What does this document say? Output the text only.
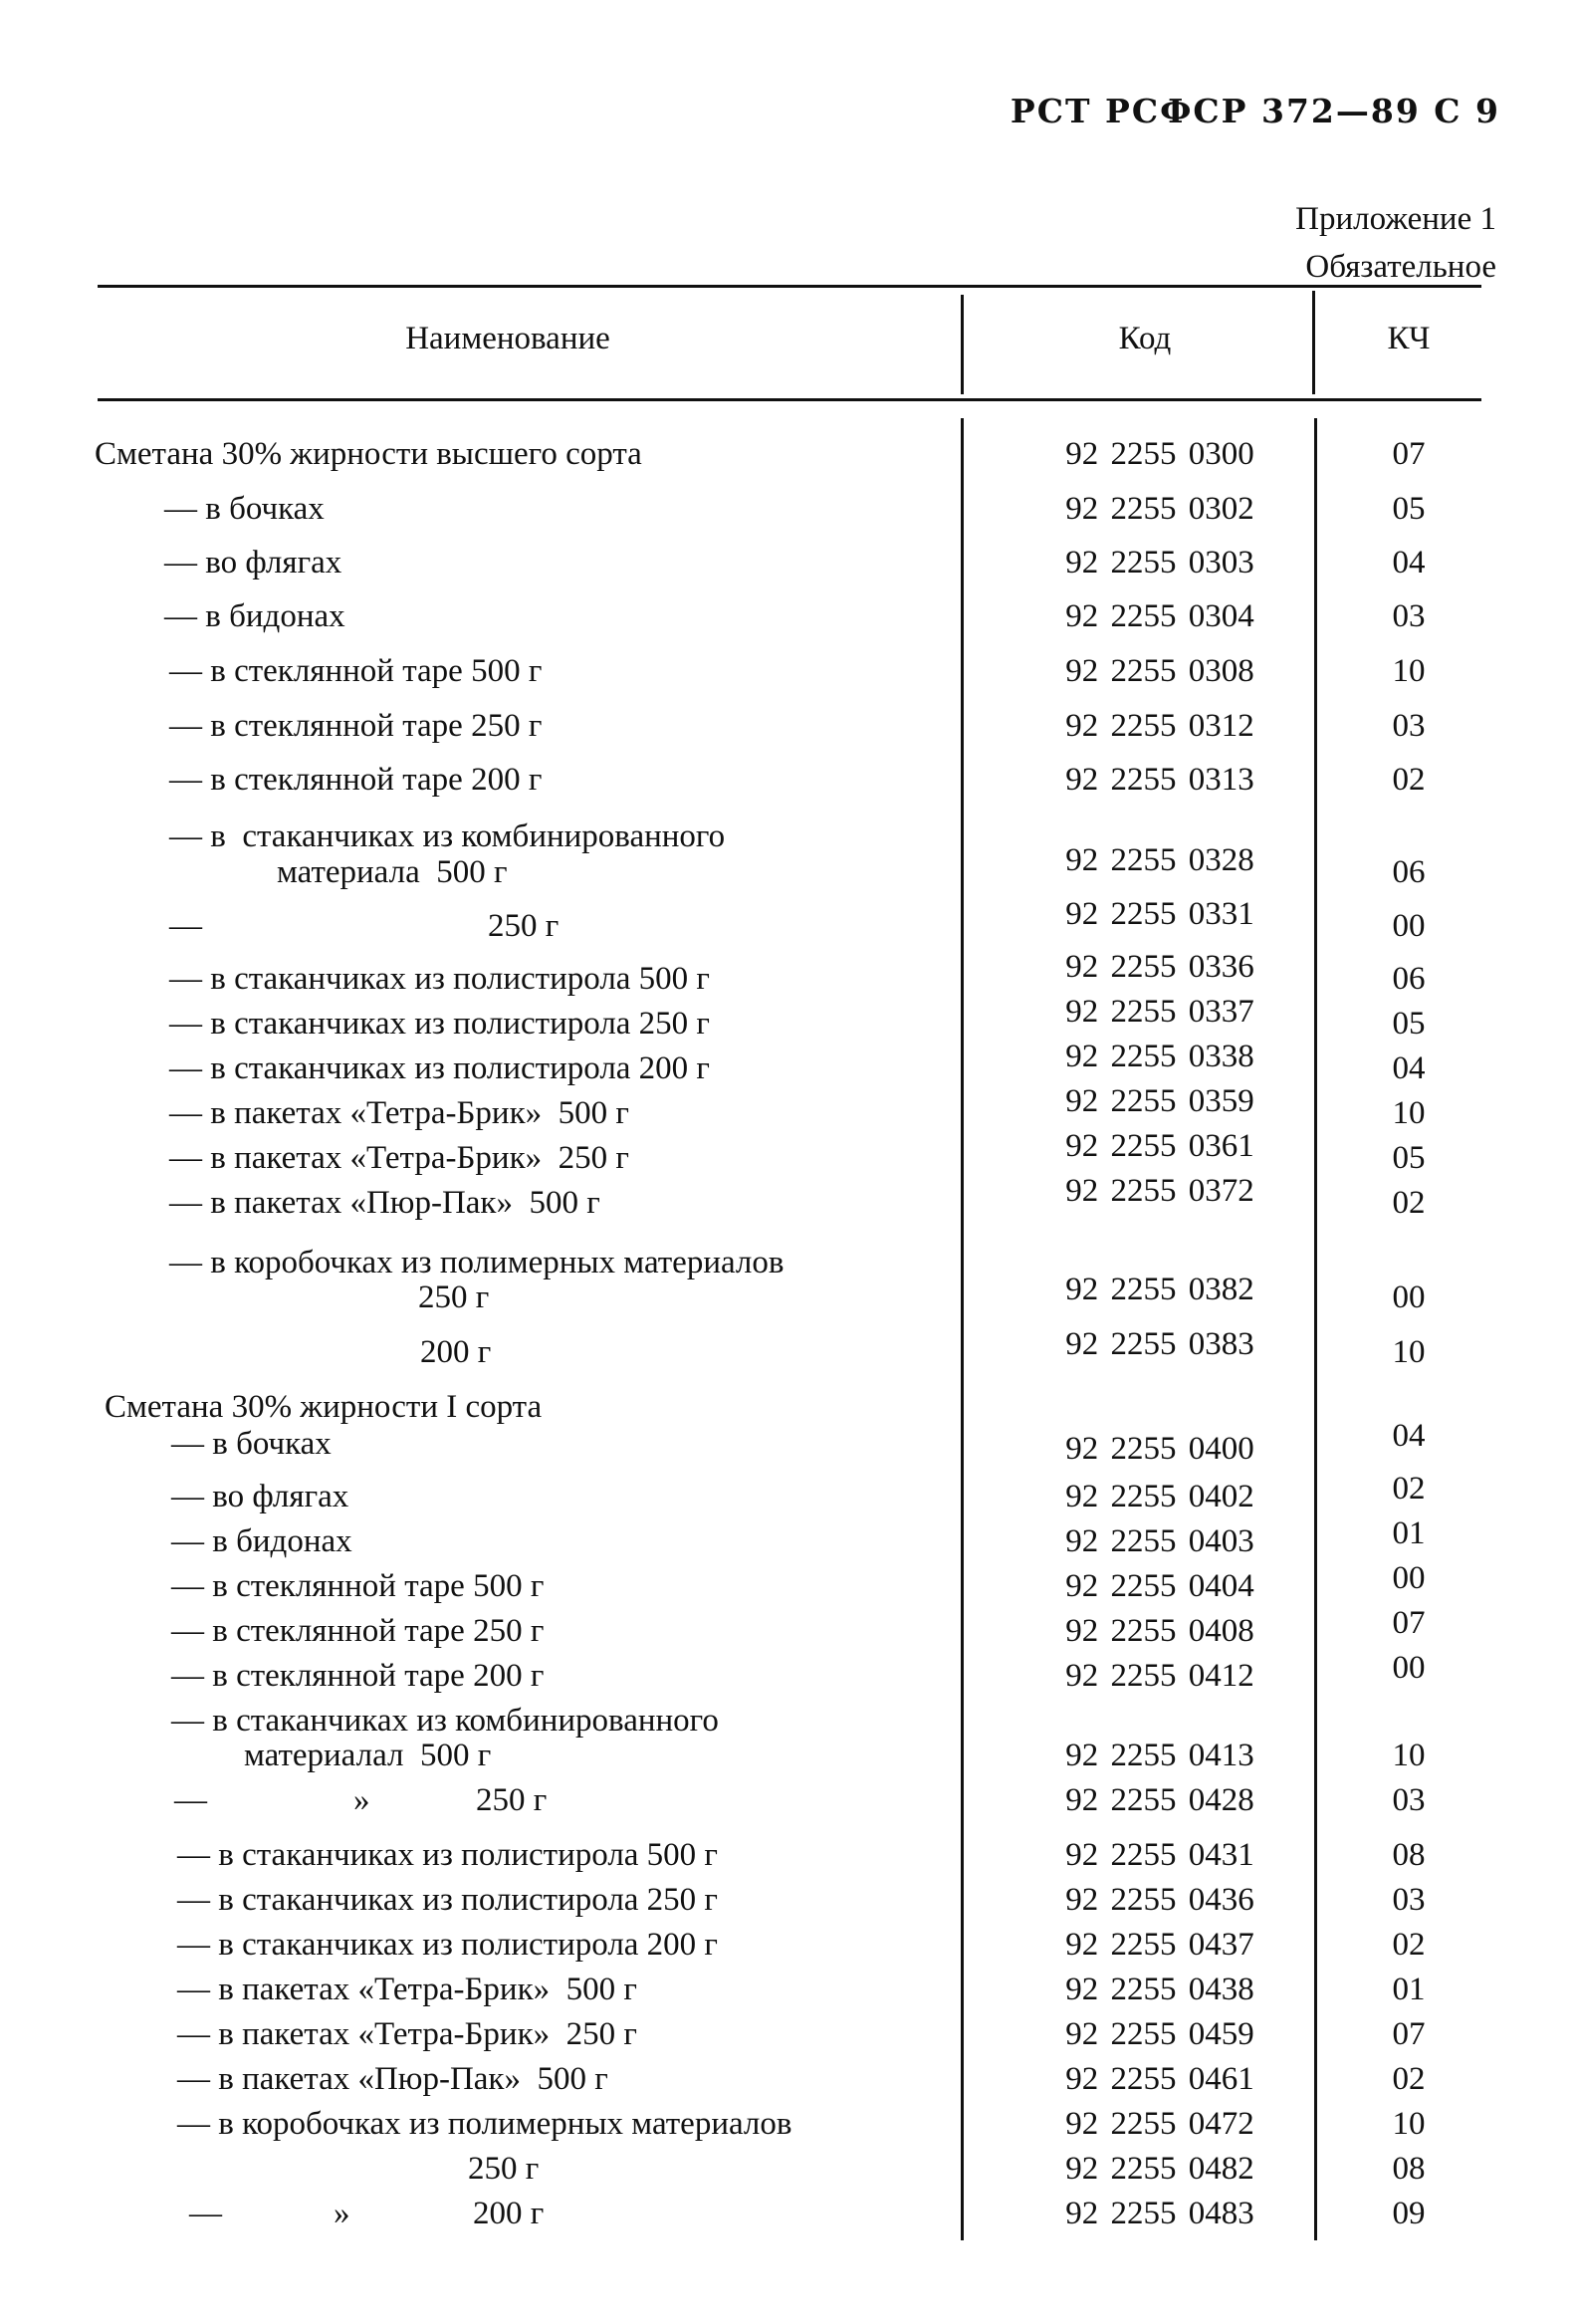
РСТ РСФСР 372—89 С 9
Приложение 1
Обязательное
Наименование	Код	КЧ
Сметана 30% жирности высшего сорта	92 2255 0300	07
— в бочках	92 2255 0302	05
— во флягах	92 2255 0303	04
— в бидонах	92 2255 0304	03
— в стеклянной таре 500 г	92 2255 0308	10
— в стеклянной таре 250 г	92 2255 0312	03
— в стеклянной таре 200 г	92 2255 0313	02
— в  стаканчиках из комбинированного
материала  500 г	92 2255 0328	06
—	250 г	92 2255 0331	00
— в стаканчиках из полистирола 500 г	92 2255 0336	06
— в стаканчиках из полистирола 250 г	92 2255 0337	05
— в стаканчиках из полистирола 200 г	92 2255 0338	04
— в пакетах «Тетра-Брик»  500 г	92 2255 0359	10
— в пакетах «Тетра-Брик»  250 г	92 2255 0361	05
— в пакетах «Пюр-Пак»  500 г	92 2255 0372	02
— в коробочках из полимерных материалов
250 г	92 2255 0382	00
200 г	92 2255 0383	10
Сметана 30% жирности I сорта
— в бочках	92 2255 0400	04
— во флягах	92 2255 0402	02
— в бидонах	92 2255 0403	01
— в стеклянной таре 500 г	92 2255 0404	00
— в стеклянной таре 250 г	92 2255 0408	07
— в стеклянной таре 200 г	92 2255 0412	00
— в стаканчиках из комбинированного
материалал  500 г	92 2255 0413	10
—	»	250 г	92 2255 0428	03
— в стаканчиках из полистирола 500 г	92 2255 0431	08
— в стаканчиках из полистирола 250 г	92 2255 0436	03
— в стаканчиках из полистирола 200 г	92 2255 0437	02
— в пакетах «Тетра-Брик»  500 г	92 2255 0438	01
— в пакетах «Тетра-Брик»  250 г	92 2255 0459	07
— в пакетах «Пюр-Пак»  500 г	92 2255 0461	02
— в коробочках из полимерных материалов	92 2255 0472	10
250 г	92 2255 0482	08
—	»	200 г	92 2255 0483	09
